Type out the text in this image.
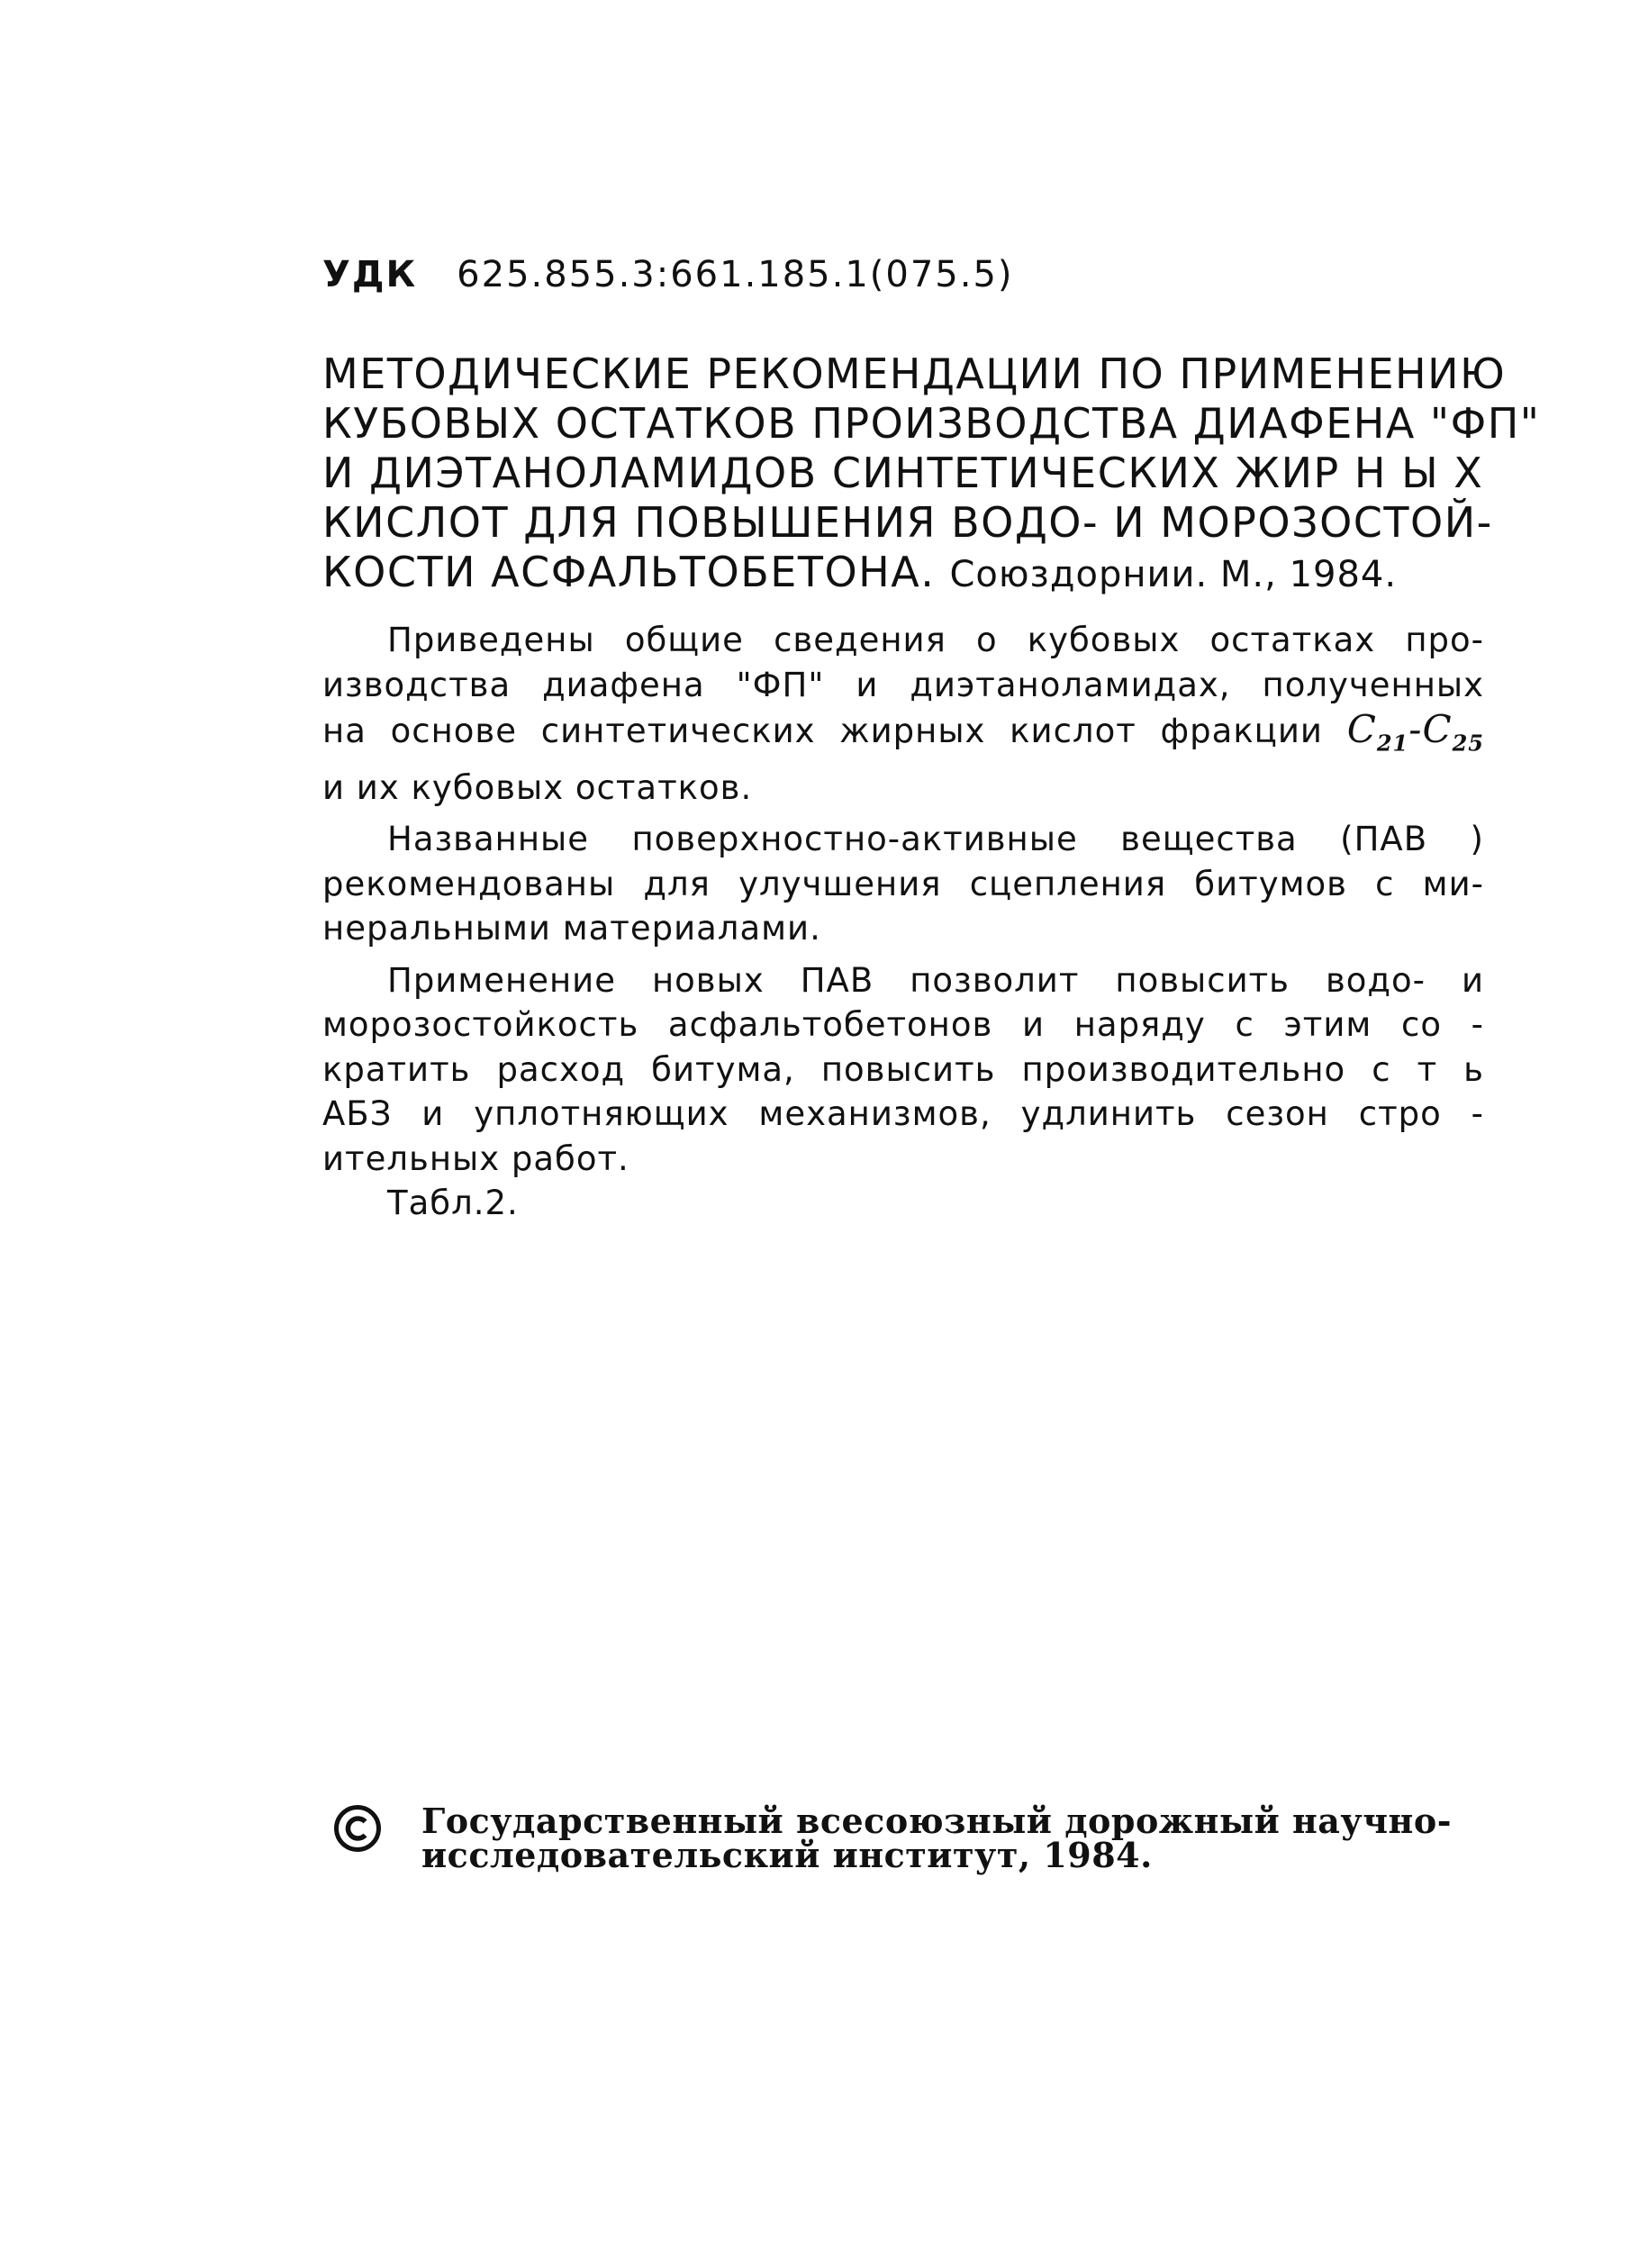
УДК 625.855.3:661.185.1(075.5)
МЕТОДИЧЕСКИЕ РЕКОМЕНДАЦИИ ПО ПРИМЕНЕНИЮ
КУБОВЫХ ОСТАТКОВ ПРОИЗВОДСТВА ДИАФЕНА "ФП"
И ДИЭТАНОЛАМИДОВ СИНТЕТИЧЕСКИХ ЖИР Н Ы Х
КИСЛОТ ДЛЯ ПОВЫШЕНИЯ ВОДО- И МОРОЗОСТОЙ-
КОСТИ АСФАЛЬТОБЕТОНА. Союздорнии. М., 1984.
Приведены общие сведения о кубовых остатках про-
изводства диафена "ФП" и диэтаноламидах, полученных
на основе синтетических жирных кислот фракции $C_{21}-C_{25}$
и их кубовых остатков.
Названные поверхностно-активные вещества (ПАВ )
рекомендованы для улучшения сцепления битумов с ми-
неральными материалами.
Применение новых ПАВ позволит повысить водо- и
морозостойкость асфальтобетонов и наряду с этим со -
кратить расход битума, повысить производительно с т ь
АБЗ и уплотняющих механизмов, удлинить сезон стро -
ительных работ.
Табл.2.
Государственный всесоюзный дорожный научно-
исследовательский институт, 1984.
